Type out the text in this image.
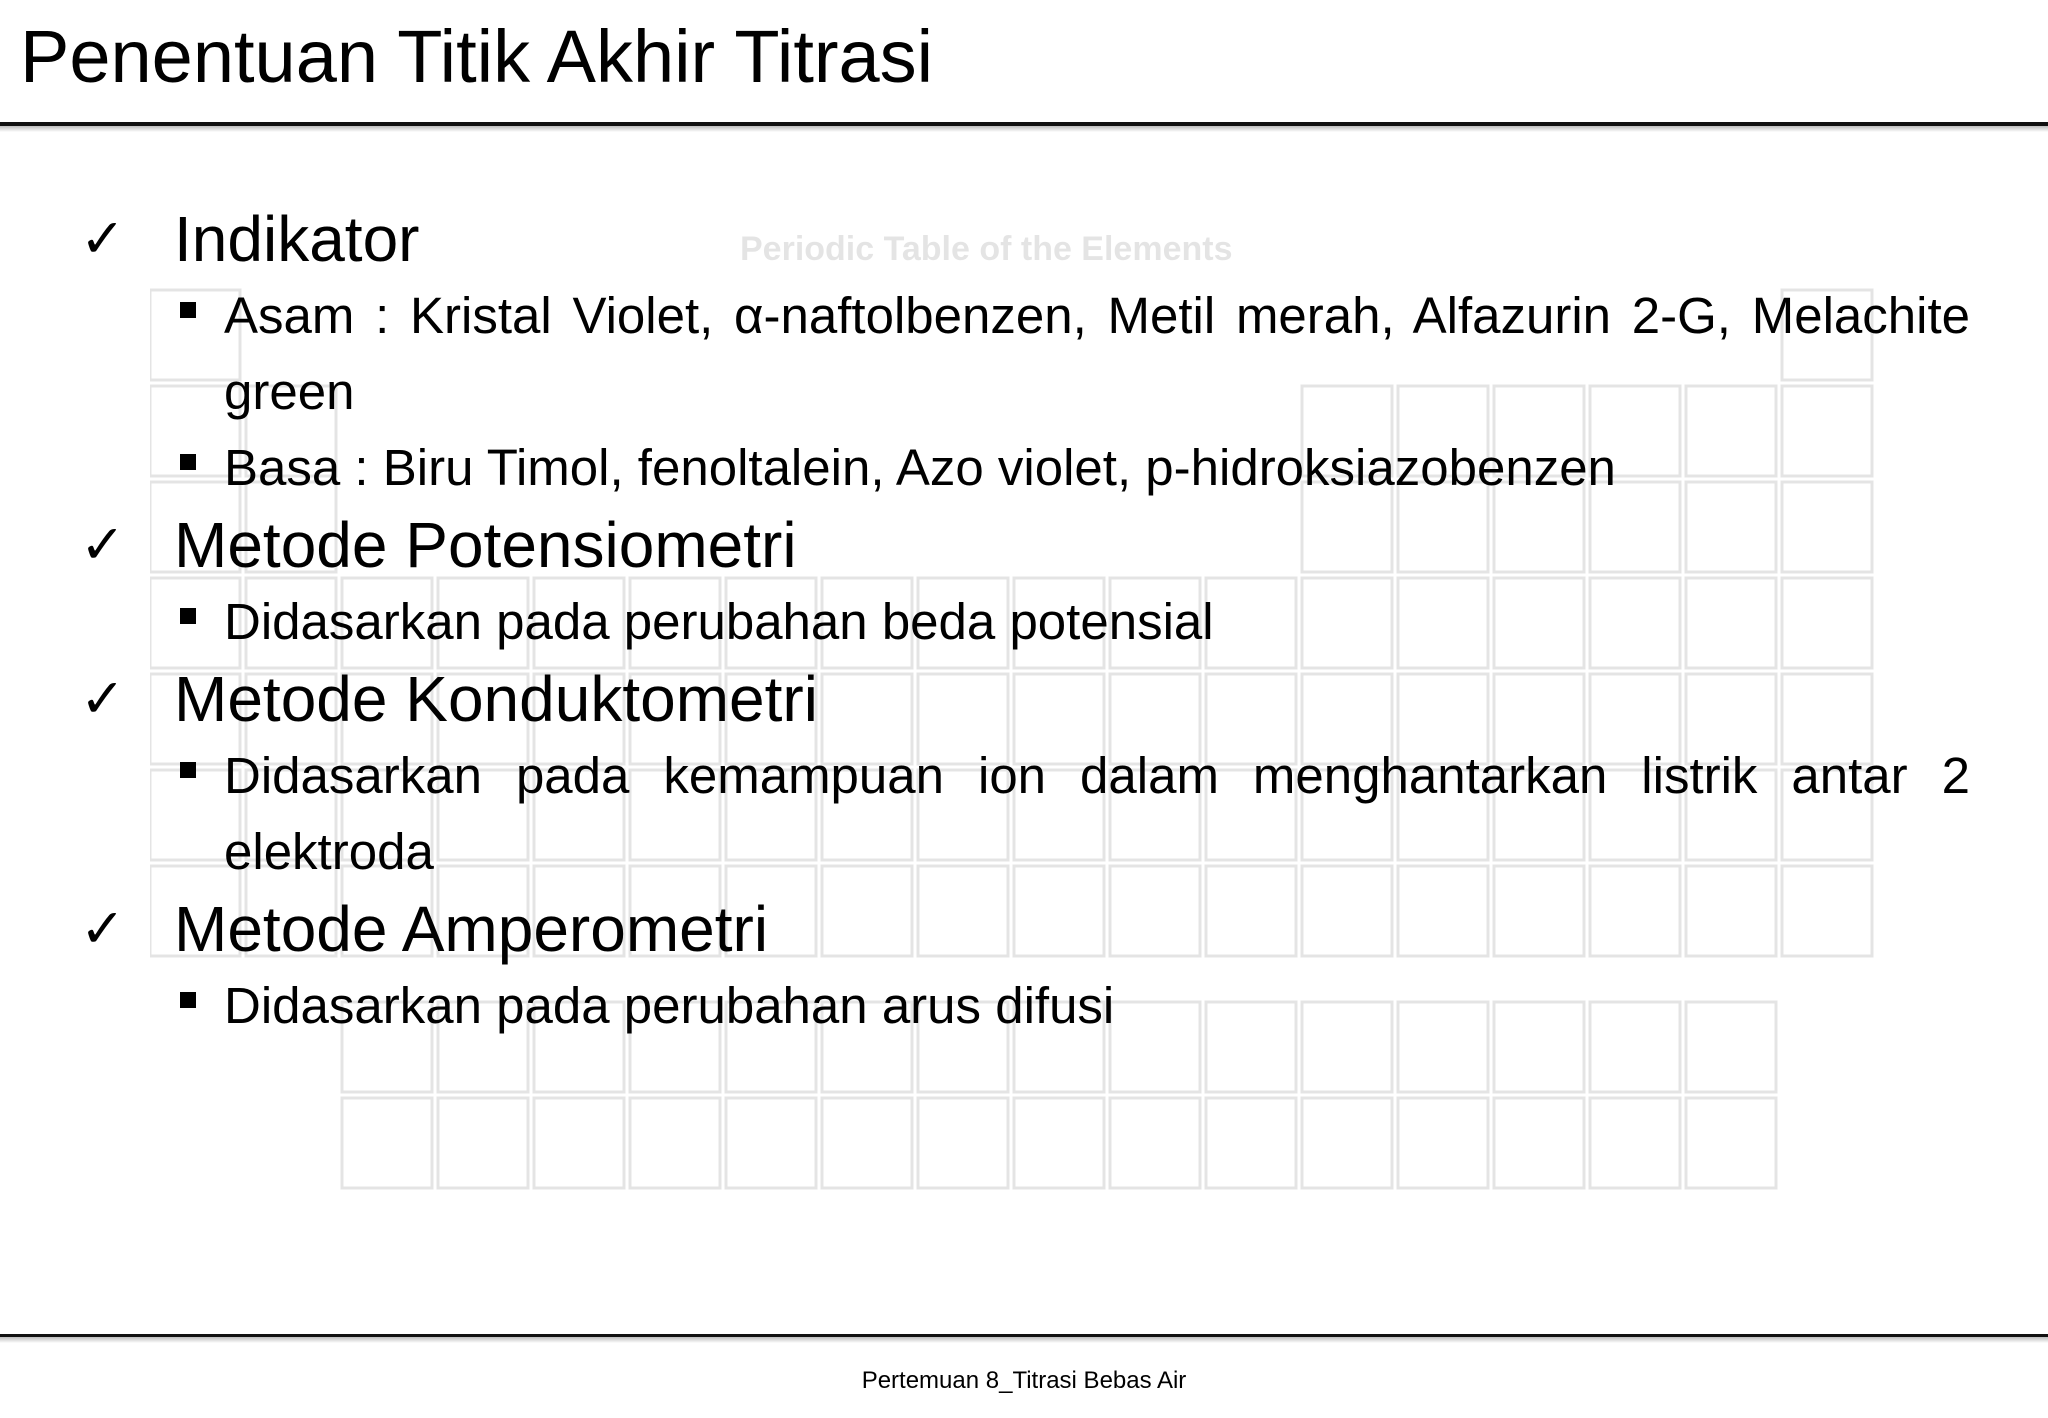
Penentuan Titik Akhir Titrasi
Periodic Table of the Elements
✓ Indikator
Asam : Kristal Violet, α-naftolbenzen, Metil merah, Alfazurin 2-G, Melachite green
Basa : Biru Timol, fenoltalein, Azo violet, p-hidroksiazobenzen
✓ Metode Potensiometri
Didasarkan pada perubahan beda potensial
✓ Metode Konduktometri
Didasarkan pada kemampuan ion dalam menghantarkan listrik antar 2 elektroda
✓ Metode Amperometri
Didasarkan pada perubahan arus difusi
Pertemuan 8_Titrasi Bebas Air
